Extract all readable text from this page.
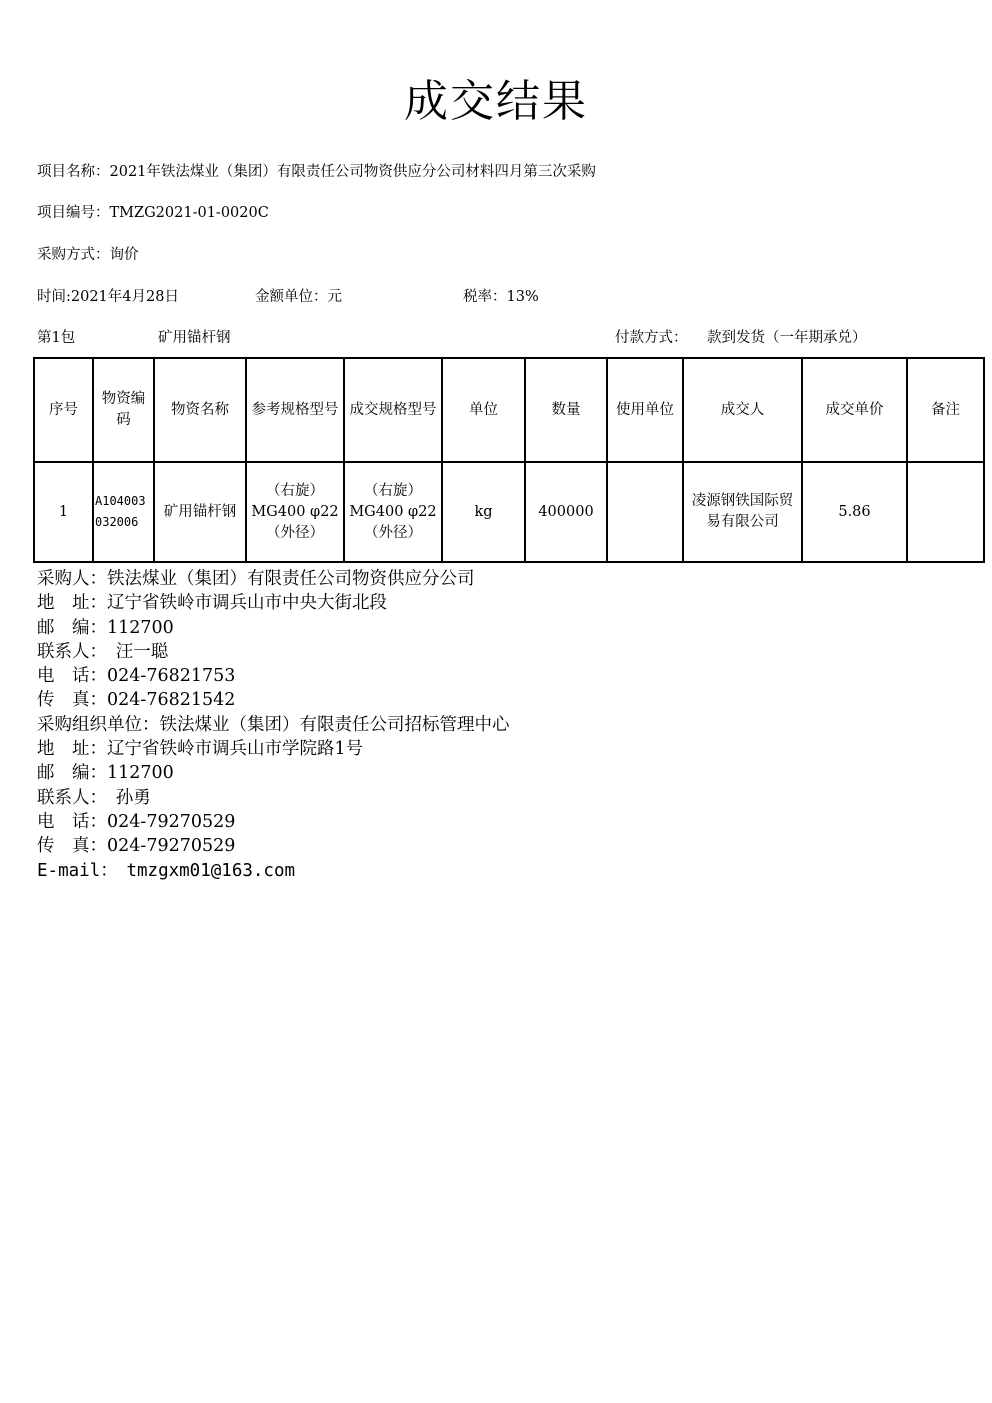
成交结果
项目名称：2021年铁法煤业（集团）有限责任公司物资供应分公司材料四月第三次采购
项目编号：TMZG2021-01-0020C
采购方式：询价
时间:2021年4月28日	金额单位：元	税率：13%
第1包	矿用锚杆钢	付款方式： 款到发货（一年期承兑）
序号	物资编码	物资名称	参考规格型号	成交规格型号	单位	数量	使用单位	成交人	成交单价	备注
1	A104003032006	矿用锚杆钢	（右旋）MG400 φ22（外径）	（右旋）MG400 φ22（外径）	kg	400000		凌源钢铁国际贸易有限公司	5.86	
采购人：铁法煤业（集团）有限责任公司物资供应分公司
地　址：辽宁省铁岭市调兵山市中央大街北段
邮　编：112700
联系人：　汪一聪
电　话：024-76821753
传　真：024-76821542
采购组织单位：铁法煤业（集团）有限责任公司招标管理中心
地　址：辽宁省铁岭市调兵山市学院路1号
邮　编：112700
联系人：　孙勇
电　话：024-79270529
传　真：024-79270529
E-mail：　tmzgxm01@163.com
